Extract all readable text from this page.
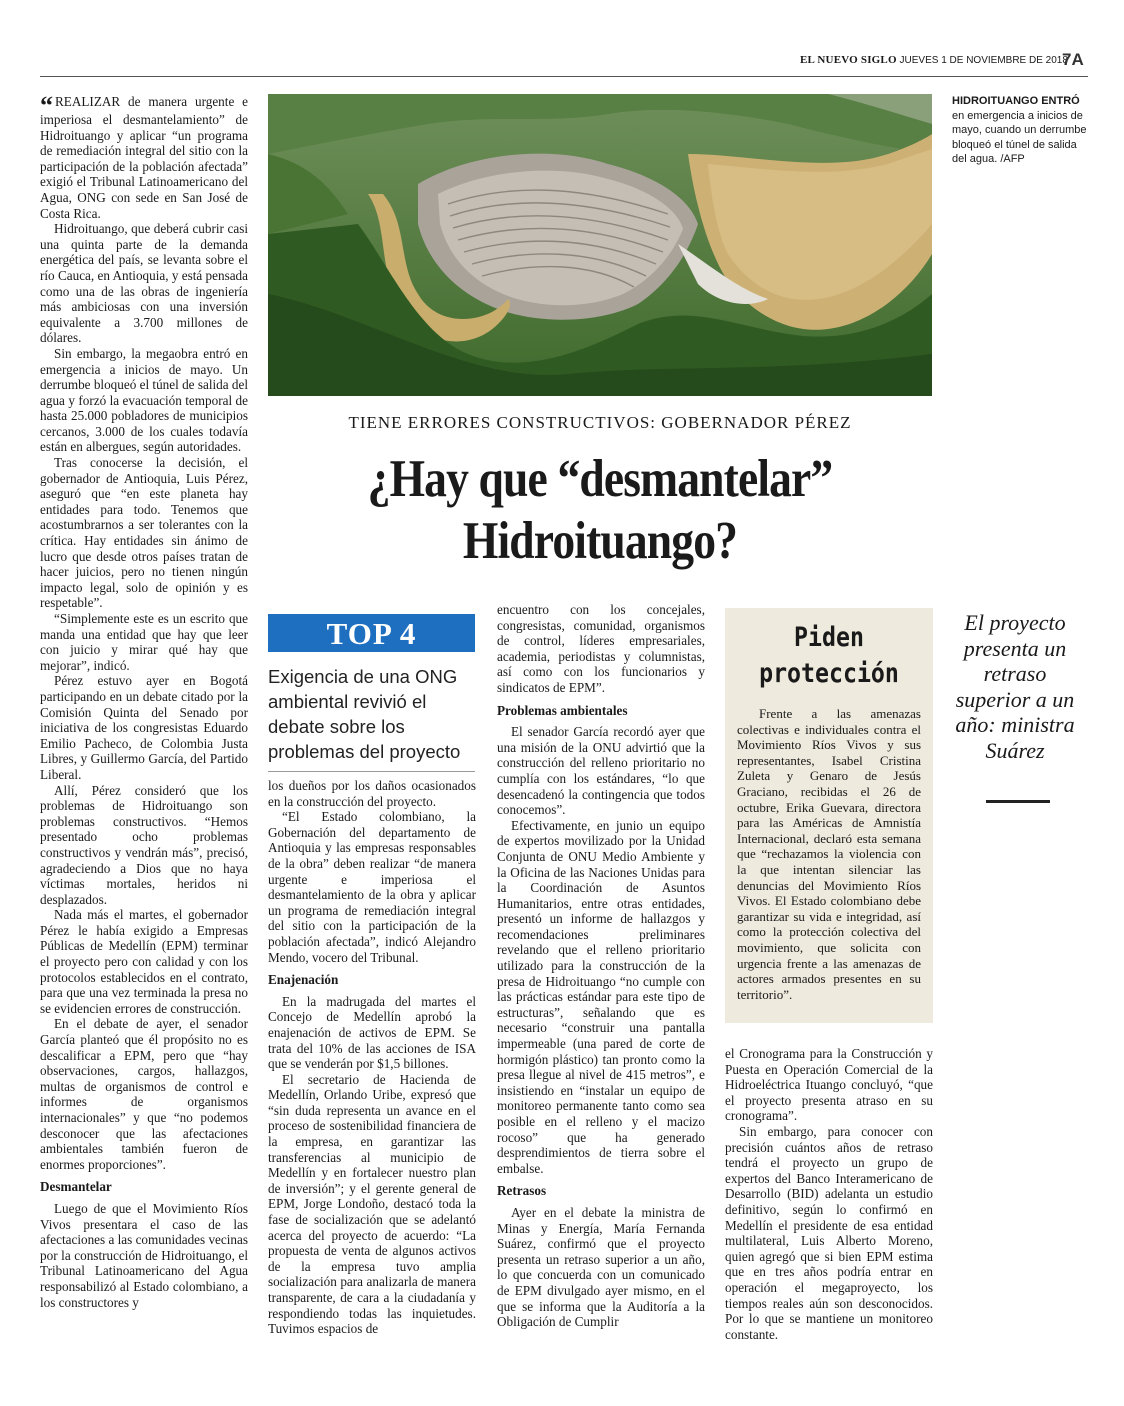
EL NUEVO SIGLO JUEVES 1 DE NOVIEMBRE DE 2018
7A

“ REALIZAR de manera urgente e imperiosa el desmantelamiento” de Hidroituango y aplicar “un programa de remediación integral del sitio con la participación de la población afectada” exigió el Tribunal Latinoamericano del Agua, ONG con sede en San José de Costa Rica.

Hidroituango, que deberá cubrir casi una quinta parte de la demanda energética del país, se levanta sobre el río Cauca, en Antioquia, y está pensada como una de las obras de ingeniería más ambiciosas con una inversión equivalente a 3.700 millones de dólares.

Sin embargo, la megaobra entró en emergencia a inicios de mayo. Un derrumbe bloqueó el túnel de salida del agua y forzó la evacuación temporal de hasta 25.000 pobladores de municipios cercanos, 3.000 de los cuales todavía están en albergues, según autoridades.

Tras conocerse la decisión, el gobernador de Antioquia, Luis Pérez, aseguró que “en este planeta hay entidades para todo. Tenemos que acostumbrarnos a ser tolerantes con la crítica. Hay entidades sin ánimo de lucro que desde otros países tratan de hacer juicios, pero no tienen ningún impacto legal, solo de opinión y es respetable”.

“Simplemente este es un escrito que manda una entidad que hay que leer con juicio y mirar qué hay que mejorar”, indicó.

Pérez estuvo ayer en Bogotá participando en un debate citado por la Comisión Quinta del Senado por iniciativa de los congresistas Eduardo Emilio Pacheco, de Colombia Justa Libres, y Guillermo García, del Partido Liberal.

Allí, Pérez consideró que los problemas de Hidroituango son problemas constructivos. “Hemos presentado ocho problemas constructivos y vendrán más”, precisó, agradeciendo a Dios que no haya víctimas mortales, heridos ni desplazados.

Nada más el martes, el gobernador Pérez le había exigido a Empresas Públicas de Medellín (EPM) terminar el proyecto pero con calidad y con los protocolos establecidos en el contrato, para que una vez terminada la presa no se evidencien errores de construcción.

En el debate de ayer, el senador García planteó que él propósito no es descalificar a EPM, pero que “hay observaciones, cargos, hallazgos, multas de organismos de control e informes de organismos internacionales” y que “no podemos desconocer que las afectaciones ambientales también fueron de enormes proporciones”.

Desmantelar

Luego de que el Movimiento Ríos Vivos presentara el caso de las afectaciones a las comunidades vecinas por la construcción de Hidroituango, el Tribunal Latinoamericano del Agua responsabilizó al Estado colombiano, a los constructores y

HIDROITUANGO ENTRÓ en emergencia a inicios de mayo, cuando un derrumbe bloqueó el túnel de salida del agua. /AFP
TIENE ERRORES CONSTRUCTIVOS: GOBERNADOR PÉREZ
¿Hay que “desmantelar”
Hidroituango?
TOP 4
Exigencia de una ONG ambiental revivió el debate sobre los problemas del proyecto

los dueños por los daños ocasionados en la construcción del proyecto.

“El Estado colombiano, la Gobernación del departamento de Antioquia y las empresas responsables de la obra” deben realizar “de manera urgente e imperiosa el desmantelamiento de la obra y aplicar un programa de remediación integral del sitio con la participación de la población afectada”, indicó Alejandro Mendo, vocero del Tribunal.

Enajenación

En la madrugada del martes el Concejo de Medellín aprobó la enajenación de activos de EPM. Se trata del 10% de las acciones de ISA que se venderán por $1,5 billones.

El secretario de Hacienda de Medellín, Orlando Uribe, expresó que “sin duda representa un avance en el proceso de sostenibilidad financiera de la empresa, en garantizar las transferencias al municipio de Medellín y en fortalecer nuestro plan de inversión”; y el gerente general de EPM, Jorge Londoño, destacó toda la fase de socialización que se adelantó acerca del proyecto de acuerdo: “La propuesta de venta de algunos activos de la empresa tuvo amplia socialización para analizarla de manera transparente, de cara a la ciudadanía y respondiendo todas las inquietudes. Tuvimos espacios de

encuentro con los concejales, congresistas, comunidad, organismos de control, líderes empresariales, academia, periodistas y columnistas, así como con los funcionarios y sindicatos de EPM”.

Problemas ambientales

El senador García recordó ayer que una misión de la ONU advirtió que la construcción del relleno prioritario no cumplía con los estándares, “lo que desencadenó la contingencia que todos conocemos”.

Efectivamente, en junio un equipo de expertos movilizado por la Unidad Conjunta de ONU Medio Ambiente y la Oficina de las Naciones Unidas para la Coordinación de Asuntos Humanitarios, entre otras entidades, presentó un informe de hallazgos y recomendaciones preliminares revelando que el relleno prioritario utilizado para la construcción de la presa de Hidroituango “no cumple con las prácticas estándar para este tipo de estructuras”, señalando que es necesario “construir una pantalla impermeable (una pared de corte de hormigón plástico) tan pronto como la presa llegue al nivel de 415 metros”, e insistiendo en “instalar un equipo de monitoreo permanente tanto como sea posible en el relleno y el macizo rocoso” que ha generado desprendimientos de tierra sobre el embalse.

Retrasos

Ayer en el debate la ministra de Minas y Energía, María Fernanda Suárez, confirmó que el proyecto presenta un retraso superior a un año, lo que concuerda con un comunicado de EPM divulgado ayer mismo, en el que se informa que la Auditoría a la Obligación de Cumplir

Piden
protección

Frente a las amenazas colectivas e individuales contra el Movimiento Ríos Vivos y sus representantes, Isabel Cristina Zuleta y Genaro de Jesús Graciano, recibidas el 26 de octubre, Erika Guevara, directora para las Américas de Amnistía Internacional, declaró esta semana que “rechazamos la violencia con la que intentan silenciar las denuncias del Movimiento Ríos Vivos. El Estado colombiano debe garantizar su vida e integridad, así como la protección colectiva del movimiento, que solicita con urgencia frente a las amenazas de actores armados presentes en su territorio”.

el Cronograma para la Construcción y Puesta en Operación Comercial de la Hidroeléctrica Ituango concluyó, “que el proyecto presenta atraso en su cronograma”.

Sin embargo, para conocer con precisión cuántos años de retraso tendrá el proyecto un grupo de expertos del Banco Interamericano de Desarrollo (BID) adelanta un estudio definitivo, según lo confirmó en Medellín el presidente de esa entidad multilateral, Luis Alberto Moreno, quien agregó que si bien EPM estima que en tres años podría entrar en operación el megaproyecto, los tiempos reales aún son desconocidos. Por lo que se mantiene un monitoreo constante.

El proyecto presenta un retraso superior a un año: ministra Suárez
